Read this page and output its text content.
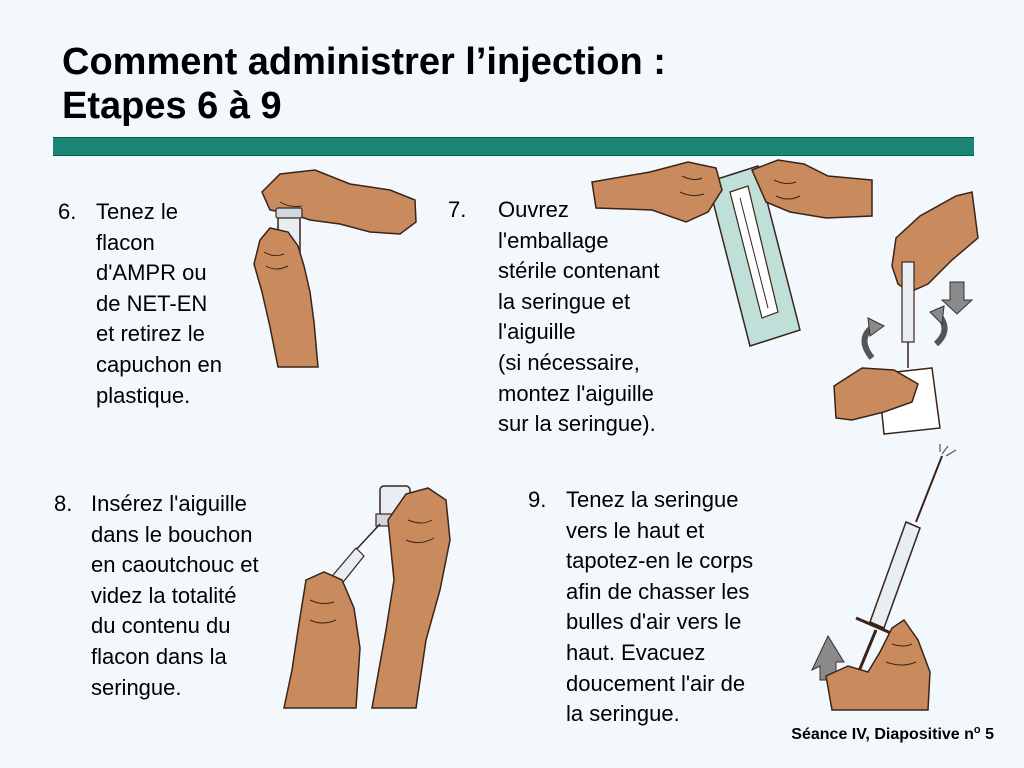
Comment administrer l’injection :
Etapes 6 à 9
6. Tenez le
flacon
d'AMPR ou
de NET-EN
et retirez le
capuchon en
plastique.
7. Ouvrez
l'emballage
stérile contenant
la seringue et
l'aiguille
(si nécessaire,
montez l'aiguille
sur la seringue).
8. Insérez l'aiguille
dans le bouchon
en caoutchouc et
videz la totalité
du contenu du
flacon dans la
seringue.
9. Tenez la seringue
vers le haut et
tapotez-en le corps
afin de chasser les
bulles d'air vers le
haut. Evacuez
doucement l'air de
la seringue.
Séance IV, Diapositive $n^o$ 5
